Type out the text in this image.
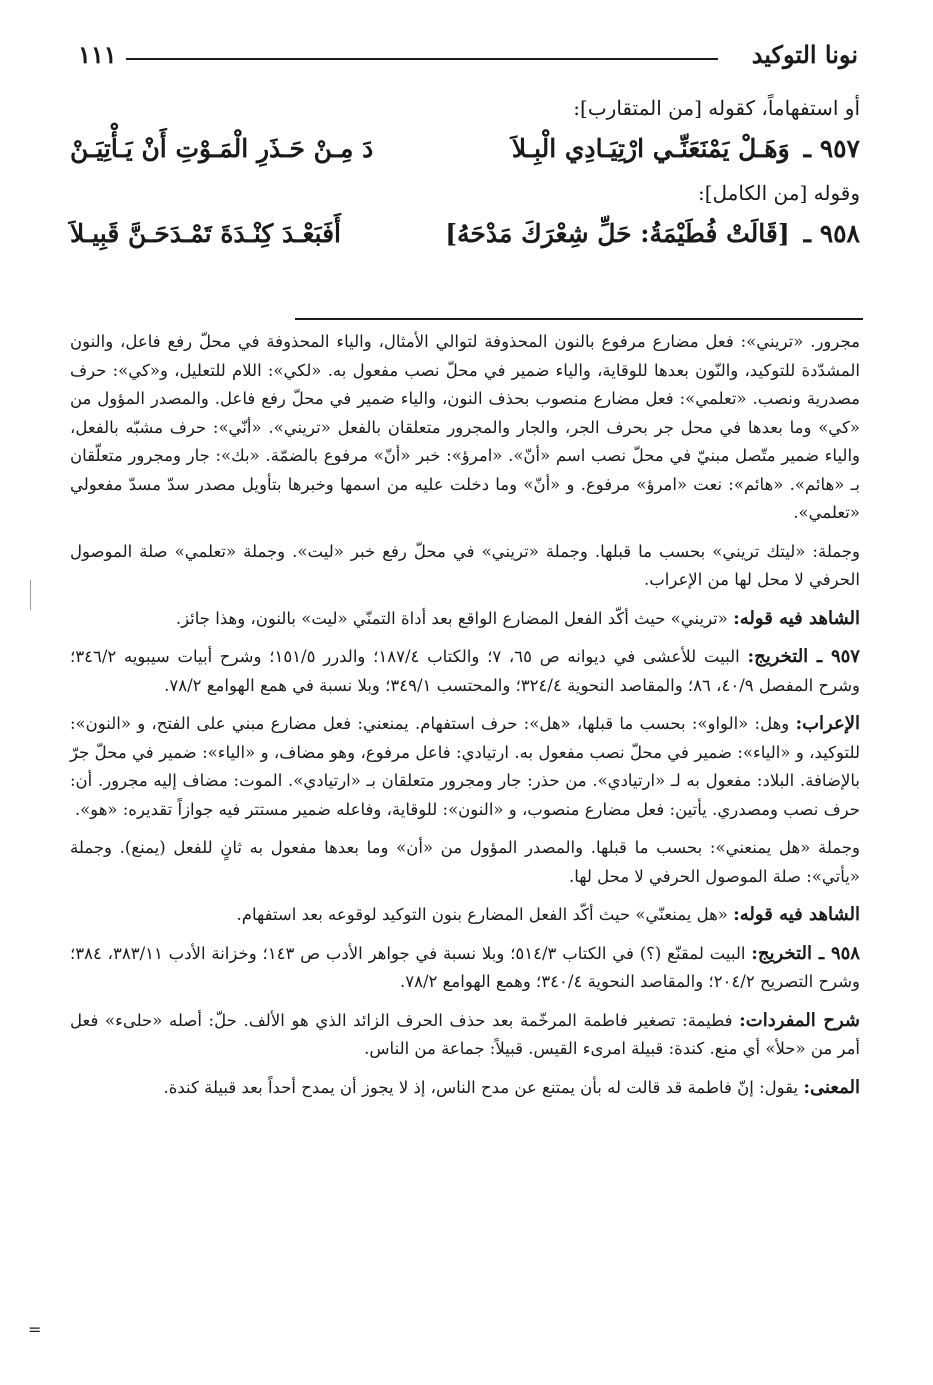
١١١	نونا التوكيد
أو استفهاماً، كقوله [من المتقارب]:
٩٥٧ ـ
وَهَـلْ يَمْنَعَنِّـي ارْتِيَـادِي الْبِـلاَ
دَ مِـنْ حَـذَرِ الْمَـوْتِ أَنْ يَـأْتِيَـنْ
وقوله [من الكامل]:
٩٥٨ ـ
[قَالَتْ فُطَيْمَةُ: حَلِّ شِعْرَكَ مَدْحَهُ]
أَفَبَعْـدَ كِنْـدَةَ تَمْـدَحَـنَّ قَبِيـلاَ

مجرور. «تريني»: فعل مضارع مرفوع بالنون المحذوفة لتوالي الأمثال، والياء المحذوفة في محلّ رفع فاعل، والنون المشدّدة للتوكيد، والنّون بعدها للوقاية، والياء ضمير في محلّ نصب مفعول به. «لكي»: اللام للتعليل، و«كي»: حرف مصدرية ونصب. «تعلمي»: فعل مضارع منصوب بحذف النون، والياء ضمير في محلّ رفع فاعل. والمصدر المؤول من «كي» وما بعدها في محل جر بحرف الجر، والجار والمجرور متعلقان بالفعل «تريني». «أنّي»: حرف مشبّه بالفعل، والياء ضمير متّصل مبنيّ في محلّ نصب اسم «أنّ». «امرؤ»: خبر «أنّ» مرفوع بالضمّة. «بك»: جار ومجرور متعلّقان بـ «هائم». «هائم»: نعت «امرؤ» مرفوع. و «أنّ» وما دخلت عليه من اسمها وخبرها بتأويل مصدر سدّ مسدّ مفعولي «تعلمي».

وجملة: «ليتك تريني» بحسب ما قبلها. وجملة «تريني» في محلّ رفع خبر «ليت». وجملة «تعلمي» صلة الموصول الحرفي لا محل لها من الإعراب.

الشاهد فيه قوله: «تريني» حيث أكّد الفعل المضارع الواقع بعد أداة التمنّي «ليت» بالنون، وهذا جائز.

٩٥٧ ـ التخريج: البيت للأعشى في ديوانه ص ٦٥، ٧؛ والكتاب ١٨٧/٤؛ والدرر ١٥١/٥؛ وشرح أبيات سيبويه ٣٤٦/٢؛ وشرح المفصل ٤٠/٩، ٨٦؛ والمقاصد النحوية ٣٢٤/٤؛ والمحتسب ٣٤٩/١؛ وبلا نسبة في همع الهوامع ٧٨/٢.

الإعراب: وهل: «الواو»: بحسب ما قبلها، «هل»: حرف استفهام. يمنعني: فعل مضارع مبني على الفتح، و «النون»: للتوكيد، و «الياء»: ضمير في محلّ نصب مفعول به. ارتيادي: فاعل مرفوع، وهو مضاف، و «الياء»: ضمير في محلّ جرّ بالإضافة. البلاد: مفعول به لـ «ارتيادي». من حذر: جار ومجرور متعلقان بـ «ارتيادي». الموت: مضاف إليه مجرور. أن: حرف نصب ومصدري. يأتين: فعل مضارع منصوب، و «النون»: للوقاية، وفاعله ضمير مستتر فيه جوازاً تقديره: «هو».

وجملة «هل يمنعني»: بحسب ما قبلها. والمصدر المؤول من «أن» وما بعدها مفعول به ثانٍ للفعل (يمنع). وجملة «يأتي»: صلة الموصول الحرفي لا محل لها.

الشاهد فيه قوله: «هل يمنعنّي» حيث أكّد الفعل المضارع بنون التوكيد لوقوعه بعد استفهام.

٩٥٨ ـ التخريج: البيت لمقنّع (؟) في الكتاب ٥١٤/٣؛ وبلا نسبة في جواهر الأدب ص ١٤٣؛ وخزانة الأدب ٣٨٣/١١، ٣٨٤؛ وشرح التصريح ٢٠٤/٢؛ والمقاصد النحوية ٣٤٠/٤؛ وهمع الهوامع ٧٨/٢.

شرح المفردات: فطيمة: تصغير فاطمة المرخّمة بعد حذف الحرف الزائد الذي هو الألف. حلّ: أصله «حلىء» فعل أمر من «حلأ» أي منع. كندة: قبيلة امرىء القيس. قبيلاً: جماعة من الناس.

المعنى: يقول: إنّ فاطمة قد قالت له بأن يمتنع عن مدح الناس، إذ لا يجوز أن يمدح أحداً بعد قبيلة كندة.

=
